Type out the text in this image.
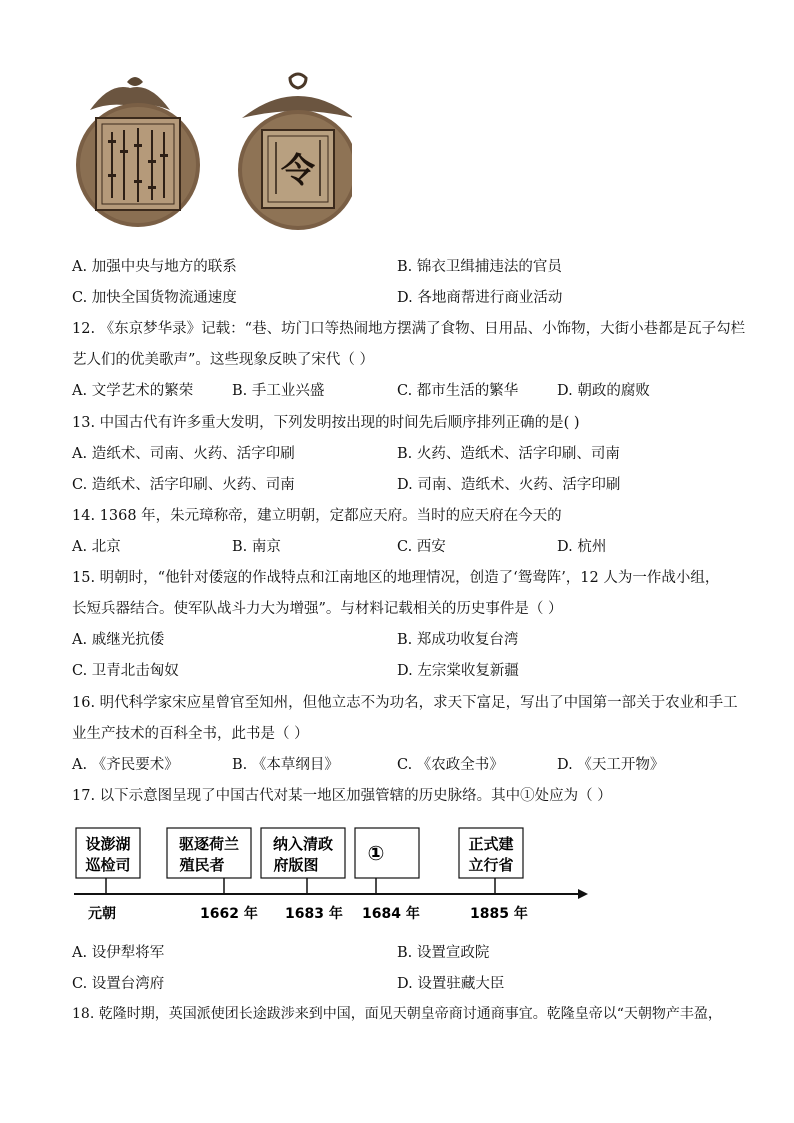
令
A. 加强中央与地方的联系	B. 锦衣卫缉捕违法的官员
C. 加快全国货物流通速度	D. 各地商帮进行商业活动
12. 《东京梦华录》记载：“巷、坊门口等热闹地方摆满了食物、日用品、小饰物，大街小巷都是瓦子勾栏
艺人们的优美歌声”。这些现象反映了宋代（ ）
A. 文学艺术的繁荣	B. 手工业兴盛	C. 都市生活的繁华	D. 朝政的腐败
13. 中国古代有许多重大发明，下列发明按出现的时间先后顺序排列正确的是( )
A. 造纸术、司南、火药、活字印刷	B. 火药、造纸术、活字印刷、司南
C. 造纸术、活字印刷、火药、司南	D. 司南、造纸术、火药、活字印刷
14. 1368 年，朱元璋称帝，建立明朝，定都应天府。当时的应天府在今天的
A. 北京	B. 南京	C. 西安	D. 杭州
15. 明朝时，“他针对倭寇的作战特点和江南地区的地理情况，创造了‘鸳鸯阵’，12 人为一作战小组，
长短兵器结合。使军队战斗力大为增强”。与材料记载相关的历史事件是（ ）
A. 戚继光抗倭	B. 郑成功收复台湾
C. 卫青北击匈奴	D. 左宗棠收复新疆
16. 明代科学家宋应星曾官至知州，但他立志不为功名，求天下富足，写出了中国第一部关于农业和手工
业生产技术的百科全书，此书是（ ）
A. 《齐民要术》	B. 《本草纲目》	C. 《农政全书》	D. 《天工开物》
17. 以下示意图呈现了中国古代对某一地区加强管辖的历史脉络。其中①处应为（ ）
设澎湖
巡检司
驱逐荷兰
殖民者
纳入清政
府版图 ①	正式建
立行省
元朝	1662 年 1683 年 1684 年	1885 年
A. 设伊犁将军	B. 设置宣政院
C. 设置台湾府	D. 设置驻藏大臣
18. 乾隆时期，英国派使团长途跋涉来到中国，面见天朝皇帝商讨通商事宜。乾隆皇帝以“天朝物产丰盈，
